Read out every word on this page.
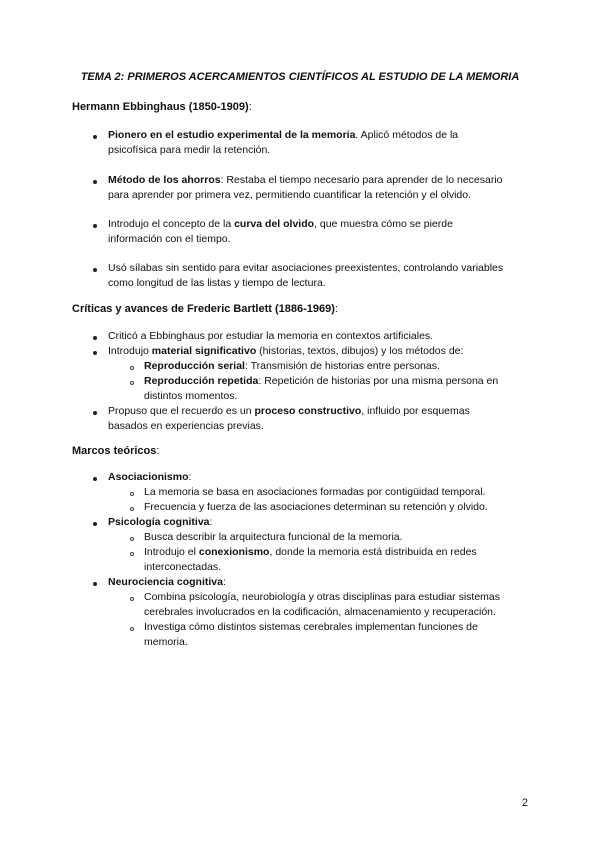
TEMA 2: PRIMEROS ACERCAMIENTOS CIENTÍFICOS AL ESTUDIO DE LA MEMORIA
Hermann Ebbinghaus (1850-1909):
Pionero en el estudio experimental de la memoria. Aplicó métodos de la
psicofísica para medir la retención.
Método de los ahorros: Restaba el tiempo necesario para aprender de lo necesario
para aprender por primera vez, permitiendo cuantificar la retención y el olvido.
Introdujo el concepto de la curva del olvido, que muestra cómo se pierde
información con el tiempo.
Usó sílabas sin sentido para evitar asociaciones preexistentes, controlando variables
como longitud de las listas y tiempo de lectura.
Críticas y avances de Frederic Bartlett (1886-1969):
Criticó a Ebbinghaus por estudiar la memoria en contextos artificiales.
Introdujo material significativo (historias, textos, dibujos) y los métodos de:
Reproducción serial: Transmisión de historias entre personas.
Reproducción repetida: Repetición de historias por una misma persona en
distintos momentos.
Propuso que el recuerdo es un proceso constructivo, influido por esquemas
basados en experiencias previas.
Marcos teóricos:
Asociacionismo:
La memoria se basa en asociaciones formadas por contigüidad temporal.
Frecuencia y fuerza de las asociaciones determinan su retención y olvido.
Psicología cognitiva:
Busca describir la arquitectura funcional de la memoria.
Introdujo el conexionismo, donde la memoria está distribuida en redes
interconectadas.
Neurociencia cognitiva:
Combina psicología, neurobiología y otras disciplinas para estudiar sistemas
cerebrales involucrados en la codificación, almacenamiento y recuperación.
Investiga cómo distintos sistemas cerebrales implementan funciones de
memoria.
2
